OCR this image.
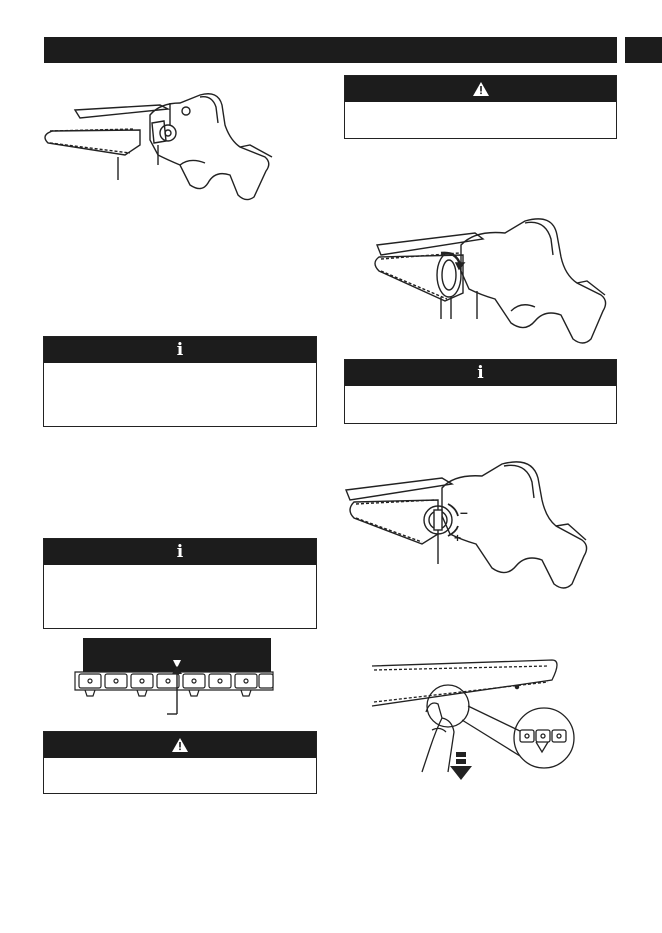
i
i
i
–
+
